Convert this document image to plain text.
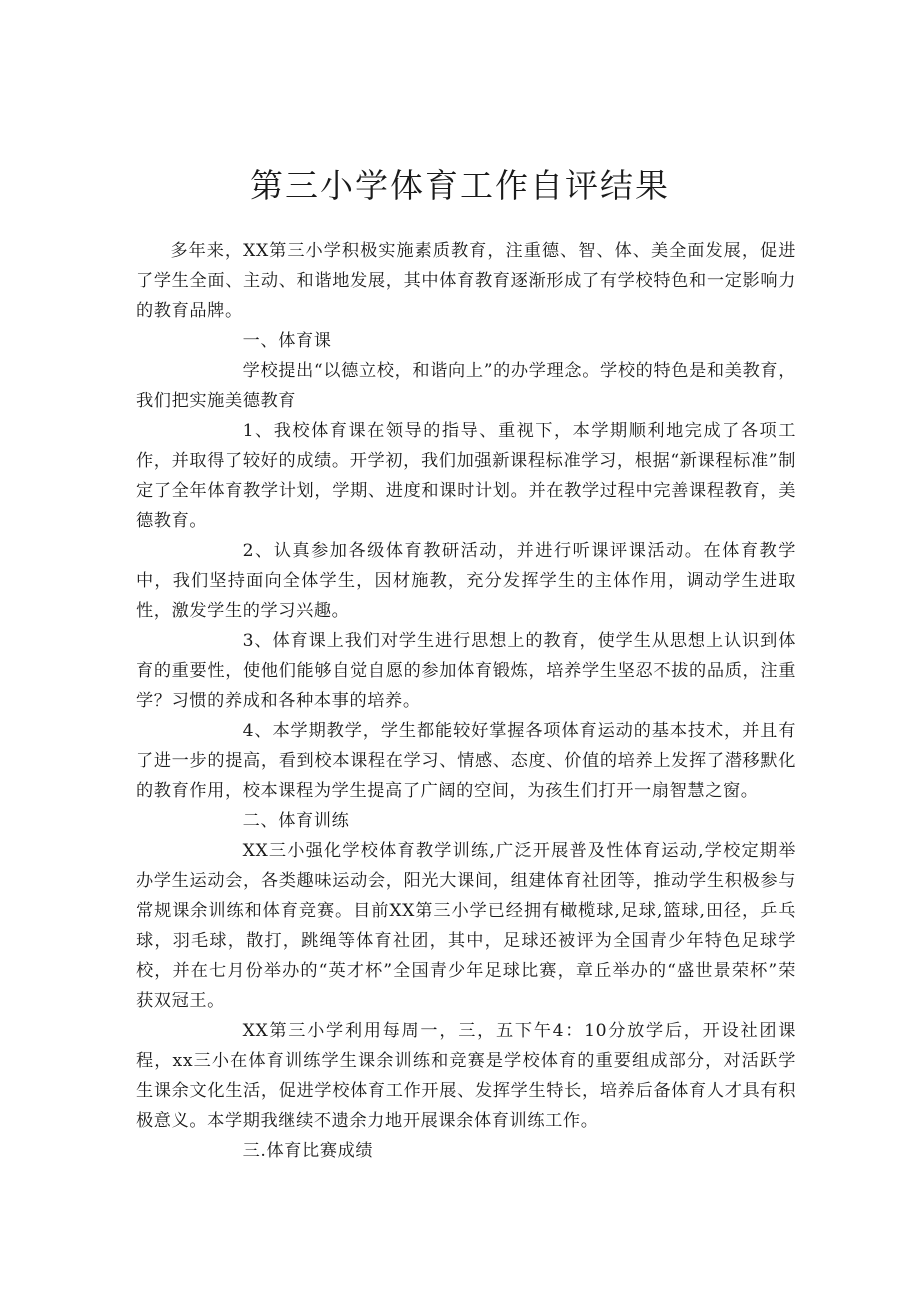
第三小学体育工作自评结果

多年来，XX第三小学积极实施素质教育，注重德、智、体、美全面发展，促进了学生全面、主动、和谐地发展，其中体育教育逐渐形成了有学校特色和一定影响力的教育品牌。

一、体育课

学校提出“以德立校，和谐向上”的办学理念。学校的特色是和美教育，我们把实施美德教育

1、我校体育课在领导的指导、重视下，本学期顺利地完成了各项工作，并取得了较好的成绩。开学初，我们加强新课程标准学习，根据“新课程标准”制定了全年体育教学计划，学期、进度和课时计划。并在教学过程中完善课程教育，美德教育。

2、认真参加各级体育教研活动，并进行听课评课活动。在体育教学中，我们坚持面向全体学生，因材施教，充分发挥学生的主体作用，调动学生进取性，激发学生的学习兴趣。

3、体育课上我们对学生进行思想上的教育，使学生从思想上认识到体育的重要性，使他们能够自觉自愿的参加体育锻炼，培养学生坚忍不拔的品质，注重学？习惯的养成和各种本事的培养。

4、本学期教学，学生都能较好掌握各项体育运动的基本技术，并且有了进一步的提高，看到校本课程在学习、情感、态度、价值的培养上发挥了潜移默化的教育作用，校本课程为学生提高了广阔的空间，为孩生们打开一扇智慧之窗。

二、体育训练

XX三小强化学校体育教学训练,广泛开展普及性体育运动,学校定期举办学生运动会，各类趣味运动会，阳光大课间，组建体育社团等，推动学生积极参与常规课余训练和体育竞赛。目前XX第三小学已经拥有橄榄球,足球,篮球,田径，乒乓球，羽毛球，散打，跳绳等体育社团，其中，足球还被评为全国青少年特色足球学校，并在七月份举办的“英才杯”全国青少年足球比赛，章丘举办的“盛世景荣杯”荣获双冠王。

XX第三小学利用每周一，三，五下午4：10分放学后，开设社团课程，xx三小在体育训练学生课余训练和竞赛是学校体育的重要组成部分，对活跃学生课余文化生活，促进学校体育工作开展、发挥学生特长，培养后备体育人才具有积极意义。本学期我继续不遗余力地开展课余体育训练工作。

三.体育比赛成绩
